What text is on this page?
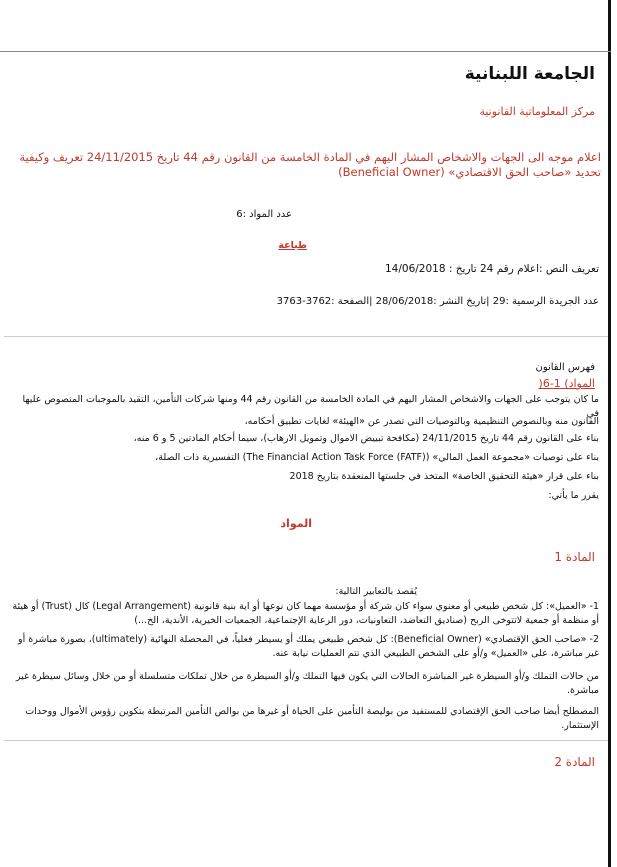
الجامعة اللبنانية
مركز المعلوماتية القانونية
اعلام موجه الى الجهات والاشخاص المشار اليهم في المادة الخامسة من القانون رقم 44 تاريخ 24/11/2015 تعريف وكيفية تحديد «صاحب الحق الاقتصادي» (Beneficial Owner)
عدد المواد :6
طباعة
تعريف النص :اعلام رقم 24 تاريخ : 14/06/2018
عدد الجريدة الرسمية :29 |تاريخ النشر :28/06/2018 |الصفحة :3762-3763
فهرس القانون
المواد) 1-6(
ما كان يتوجب على الجهات والاشخاص المشار اليهم في المادة الخامسة من القانون رقم 44 ومنها شركات التأمين، التقيد بالموجبات المنصوص عليها في
القانون منه وبالنصوص التنظيمية وبالتوصيات التي تصدر عن «الهيئة» لغايات تطبيق أحكامه،
بناء على القانون رقم 44 تاريخ 24/11/2015 (مكافحة تبييض الاموال وتمويل الارهاب)، سيما أحكام المادتين 5 و 6 منه،
بناء على توصيات «مجموعة العمل المالي» (The Financial Action Task Force (FATF)) التفسيرية ذات الصلة،
بناء على قرار «هيئة التحقيق الخاصة» المتخذ في جلستها المنعقدة بتاريخ 2018
يقرر ما يأتي:
المواد
المادة 1
يُقصد بالتعابير التالية:
1- «العميل»: كل شخص طبيعي أو معنوي سواء كان شركة أو مؤسسة مهما كان نوعها أو اية بنية قانونية (Legal Arrangement) كال (Trust) أو هيئة أو منظمة أو جمعية لاتتوخى الربح (صناديق التعاضد، التعاونيات، دور الرعاية الإجتماعية، الجمعيات الخيرية، الأندية، الخ...)
2- «صاحب الحق الإقتصادي» (Beneficial Owner): كل شخص طبيعي يملك أو يسيطر فعلياً، في المحصلة النهائية (ultimately)، بصورة مباشرة أو غير مباشرة، على «العميل» و/أو على الشخص الطبيعي الذي تتم العمليات نيابة عنه.
من حالات التملك و/أو السيطرة غير المباشرة الحالات التي يكون فيها التملك و/أو السيطرة من خلال تملكات متسلسلة أو من خلال وسائل سيطرة غير مباشرة.
المصطلح أيضا صاحب الحق الإقتصادي للمستفيد من بوليصة التأمين على الحياة أو غيرها من بوالص التأمين المرتبطة بتكوين رؤوس الأموال ووحدات الإستثمار.
المادة 2
